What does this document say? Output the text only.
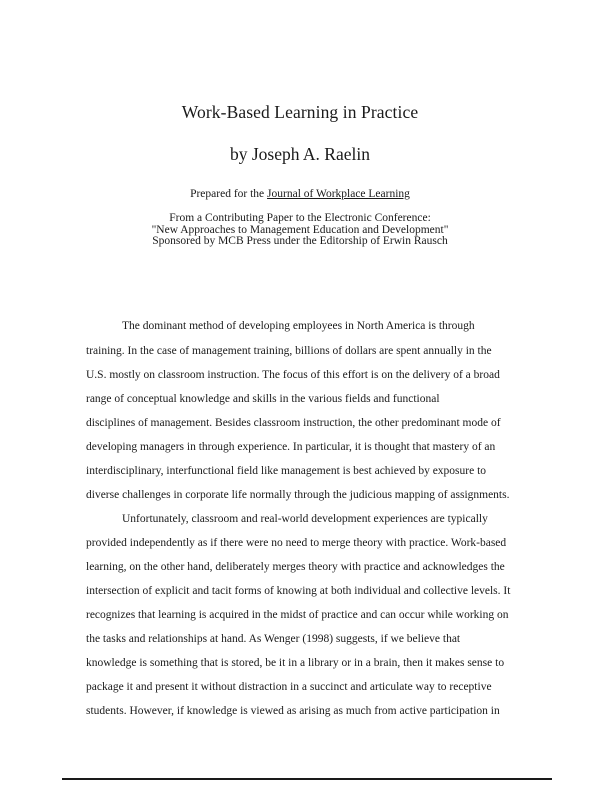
Work-Based Learning in Practice
by Joseph A. Raelin
Prepared for the Journal of Workplace Learning
From a Contributing Paper to the Electronic Conference:
"New Approaches to Management Education and Development"
Sponsored by MCB Press under the Editorship of Erwin Rausch
The dominant method of developing employees in North America is through
training. In the case of management training, billions of dollars are spent annually in the
U.S. mostly on classroom instruction. The focus of this effort is on the delivery of a broad
range of conceptual knowledge and skills in the various fields and functional
disciplines of management. Besides classroom instruction, the other predominant mode of
developing managers in through experience. In particular, it is thought that mastery of an
interdisciplinary, interfunctional field like management is best achieved by exposure to
diverse challenges in corporate life normally through the judicious mapping of assignments.
Unfortunately, classroom and real-world development experiences are typically
provided independently as if there were no need to merge theory with practice. Work-based
learning, on the other hand, deliberately merges theory with practice and acknowledges the
intersection of explicit and tacit forms of knowing at both individual and collective levels. It
recognizes that learning is acquired in the midst of practice and can occur while working on
the tasks and relationships at hand. As Wenger (1998) suggests, if we believe that
knowledge is something that is stored, be it in a library or in a brain, then it makes sense to
package it and present it without distraction in a succinct and articulate way to receptive
students. However, if knowledge is viewed as arising as much from active participation in
